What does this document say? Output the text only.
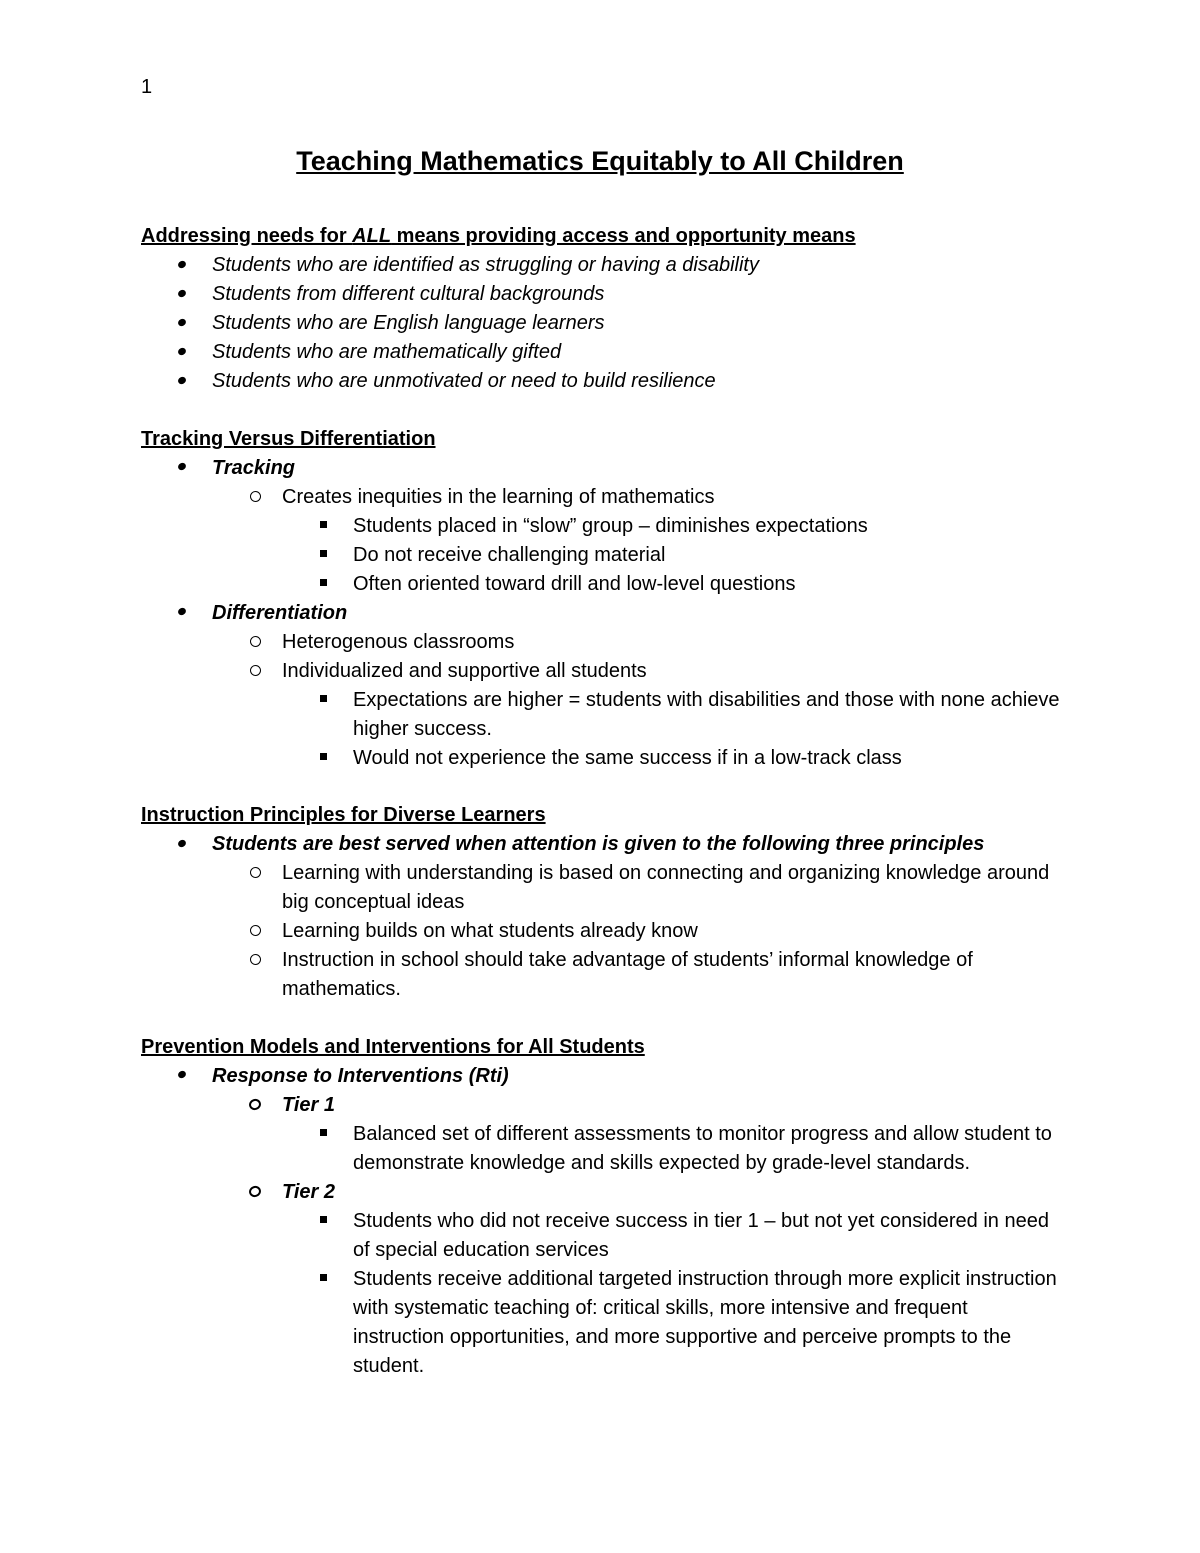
1
Teaching Mathematics Equitably to All Children
Addressing needs for ALL means providing access and opportunity means
Students who are identified as struggling or having a disability
Students from different cultural backgrounds
Students who are English language learners
Students who are mathematically gifted
Students who are unmotivated or need to build resilience
Tracking Versus Differentiation
Tracking
Creates inequities in the learning of mathematics
Students placed in “slow” group – diminishes expectations
Do not receive challenging material
Often oriented toward drill and low-level questions
Differentiation
Heterogenous classrooms
Individualized and supportive all students
Expectations are higher = students with disabilities and those with none achieve higher success.
Would not experience the same success if in a low-track class
Instruction Principles for Diverse Learners
Students are best served when attention is given to the following three principles
Learning with understanding is based on connecting and organizing knowledge around big conceptual ideas
Learning builds on what students already know
Instruction in school should take advantage of students’ informal knowledge of mathematics.
Prevention Models and Interventions for All Students
Response to Interventions (Rti)
Tier 1
Balanced set of different assessments to monitor progress and allow student to demonstrate knowledge and skills expected by grade-level standards.
Tier 2
Students who did not receive success in tier 1 – but not yet considered in need of special education services
Students receive additional targeted instruction through more explicit instruction with systematic teaching of: critical skills, more intensive and frequent instruction opportunities, and more supportive and perceive prompts to the student.
